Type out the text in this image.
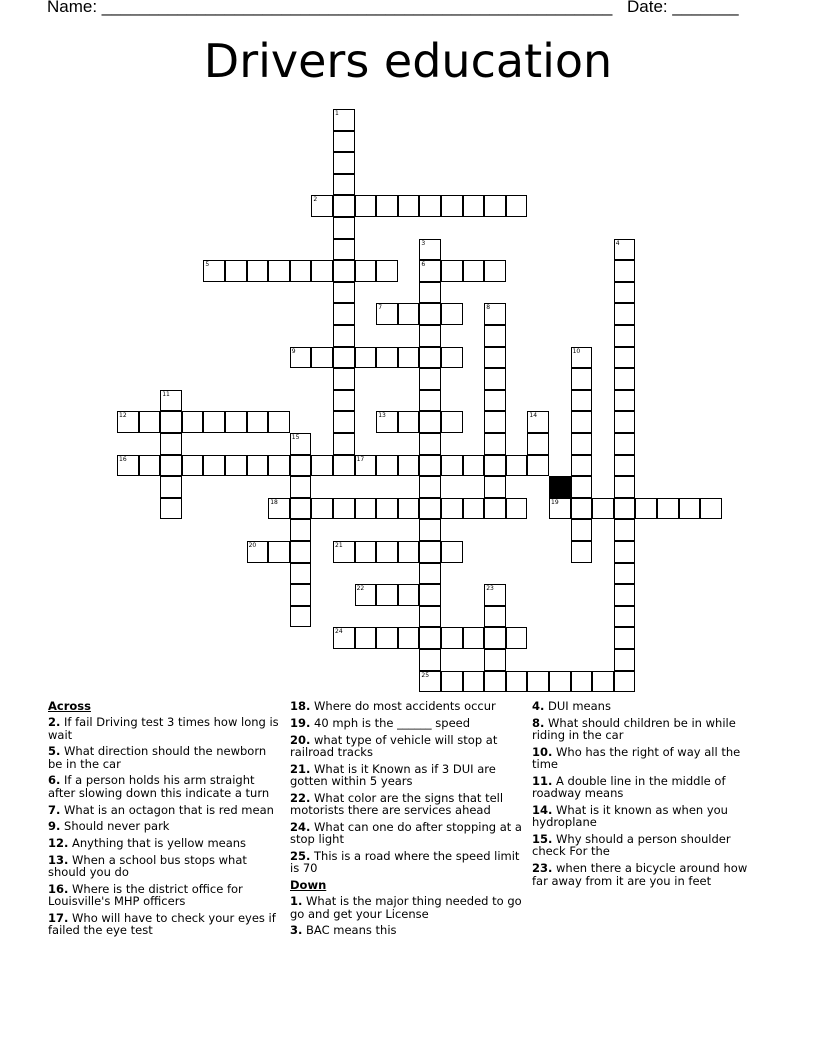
Name: ______________________________________________________ Date: _______
Drivers education
1
2
3
6
4
5
7	8
9	10
11
12	13	14
15
16	17
18	19
20	21
22	23
24
25
Across
2. If fail Driving test 3 times how long is wait
5. What direction should the newborn be in the car
6. If a person holds his arm straight after slowing down this indicate a turn
7. What is an octagon that is red mean
9. Should never park
12. Anything that is yellow means
13. When a school bus stops what should you do
16. Where is the district office for Louisville's MHP officers
17. Who will have to check your eyes if failed the eye test
18. Where do most accidents occur
19. 40 mph is the ______ speed
20. what type of vehicle will stop at railroad tracks
21. What is it Known as if 3 DUI are gotten within 5 years
22. What color are the signs that tell motorists there are services ahead
24. What can one do after stopping at a stop light
25. This is a road where the speed limit is 70
Down
1. What is the major thing needed to go go and get your License
3. BAC means this
4. DUI means
8. What should children be in while riding in the car
10. Who has the right of way all the time
11. A double line in the middle of roadway means
14. What is it known as when you hydroplane
15. Why should a person shoulder check For the
23. when there a bicycle around how far away from it are you in feet
